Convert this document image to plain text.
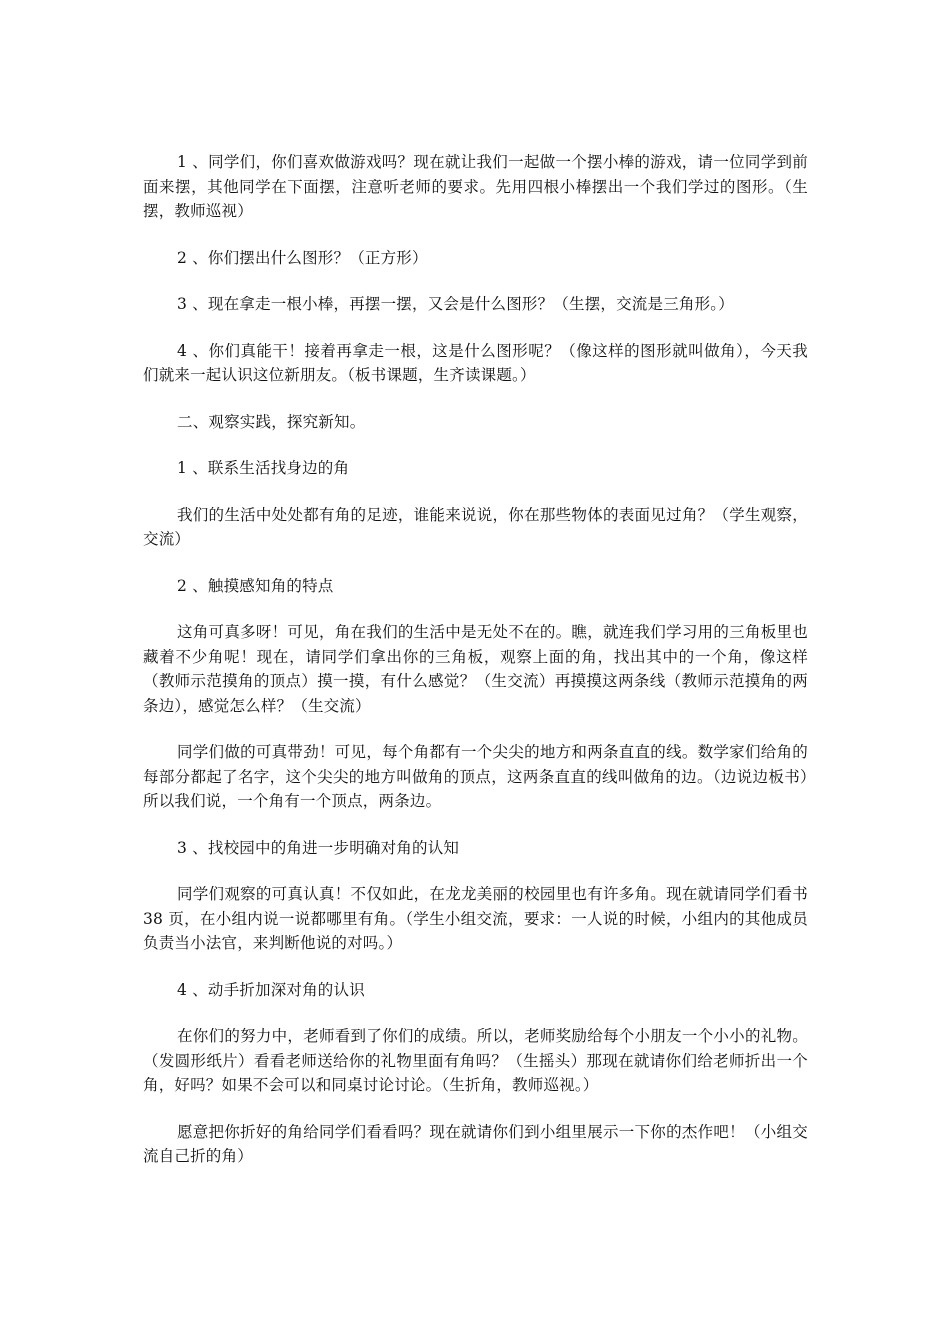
1 、同学们，你们喜欢做游戏吗？现在就让我们一起做一个摆小棒的游戏，请一位同学到前面来摆，其他同学在下面摆，注意听老师的要求。先用四根小棒摆出一个我们学过的图形。（生摆，教师巡视）

2 、你们摆出什么图形？（正方形）

3 、现在拿走一根小棒，再摆一摆，又会是什么图形？（生摆，交流是三角形。）

4 、你们真能干！接着再拿走一根，这是什么图形呢？（像这样的图形就叫做角），今天我们就来一起认识这位新朋友。（板书课题，生齐读课题。）

二、观察实践，探究新知。

1 、联系生活找身边的角

我们的生活中处处都有角的足迹，谁能来说说，你在那些物体的表面见过角？（学生观察，交流）

2 、触摸感知角的特点

这角可真多呀！可见，角在我们的生活中是无处不在的。瞧，就连我们学习用的三角板里也藏着不少角呢！现在，请同学们拿出你的三角板，观察上面的角，找出其中的一个角，像这样（教师示范摸角的顶点）摸一摸，有什么感觉？（生交流）再摸摸这两条线（教师示范摸角的两条边），感觉怎么样？（生交流）

同学们做的可真带劲！可见，每个角都有一个尖尖的地方和两条直直的线。数学家们给角的每部分都起了名字，这个尖尖的地方叫做角的顶点，这两条直直的线叫做角的边。（边说边板书）所以我们说，一个角有一个顶点，两条边。

3 、找校园中的角进一步明确对角的认知

同学们观察的可真认真！不仅如此，在龙龙美丽的校园里也有许多角。现在就请同学们看书 38 页，在小组内说一说都哪里有角。（学生小组交流，要求：一人说的时候，小组内的其他成员负责当小法官，来判断他说的对吗。）

4 、动手折加深对角的认识

在你们的努力中，老师看到了你们的成绩。所以，老师奖励给每个小朋友一个小小的礼物。（发圆形纸片）看看老师送给你的礼物里面有角吗？（生摇头）那现在就请你们给老师折出一个角，好吗？如果不会可以和同桌讨论讨论。（生折角，教师巡视。）

愿意把你折好的角给同学们看看吗？现在就请你们到小组里展示一下你的杰作吧！（小组交流自己折的角）
